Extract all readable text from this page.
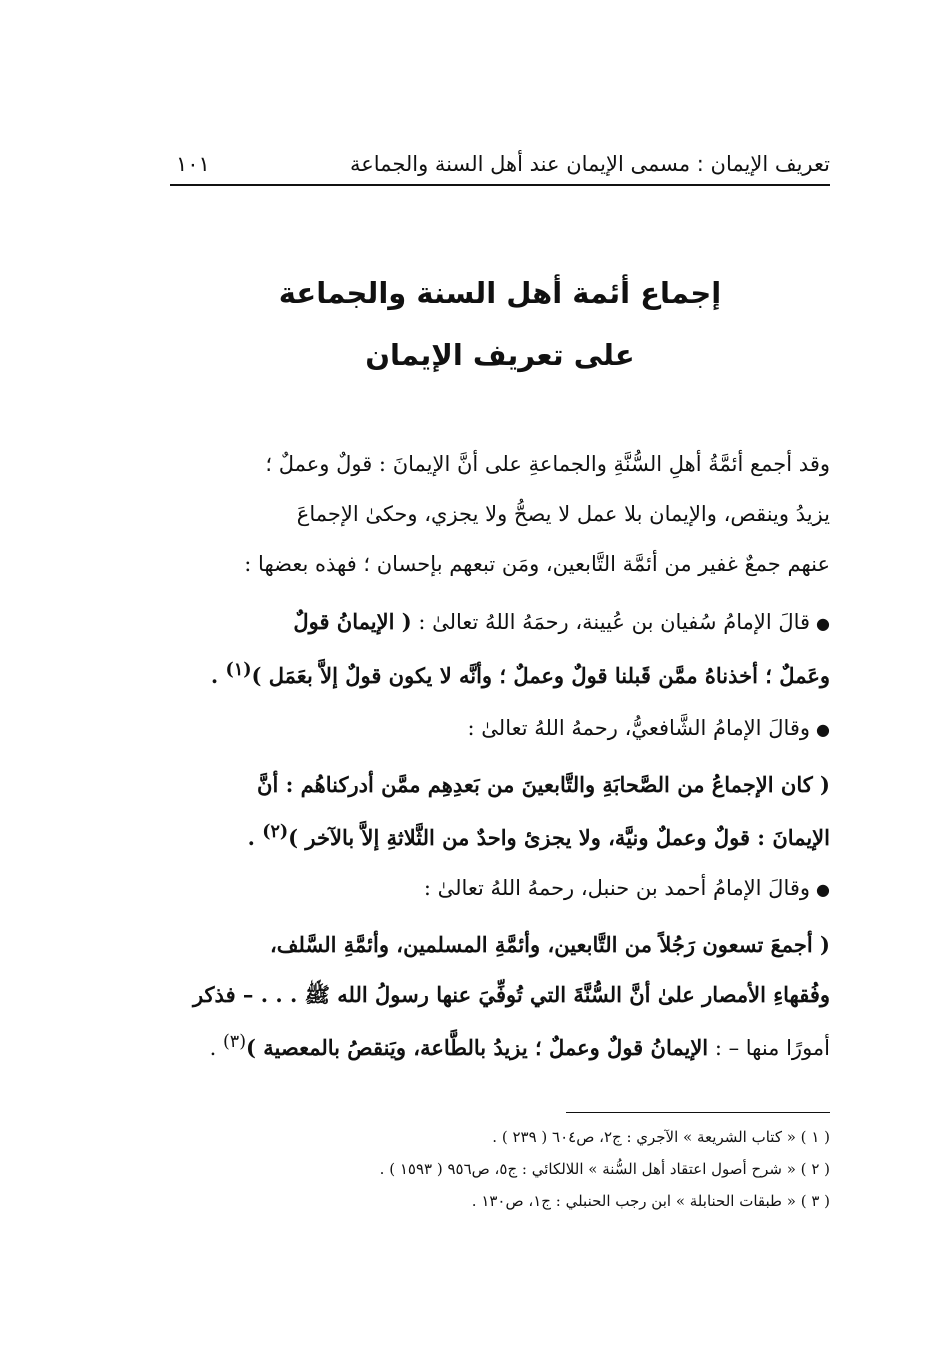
تعريف الإيمان : مسمى الإيمان عند أهل السنة والجماعة
١٠١
إجماع أئمة أهل السنة والجماعة
على تعريف الإيمان
وقد أجمع أئمَّةُ أهلِ السُّنَّةِ والجماعةِ على أنَّ الإيمانَ : قولٌ وعملٌ ؛
يزيدُ وينقص، والإيمان بلا عمل لا يصحُّ ولا يجزي، وحكىٰ الإجماعَ
عنهم جمعٌ غفير من أئمَّة التَّابعين، ومَن تبعهم بإحسان ؛ فهذه بعضها :
●قالَ الإمامُ سُفيان بن عُيينة، رحمَهُ اللهُ تعالىٰ : ( الإيمانُ قولٌ
وعَملٌ ؛ أخذناهُ ممَّن قَبلنا قولٌ وعملٌ ؛ وأنَّه لا يكون قولٌ إلاَّ بعَمَل )$^{(١)}$ .
●وقالَ الإمامُ الشَّافعيُّ، رحمهُ اللهُ تعالىٰ :
( كان الإجماعُ من الصَّحابَةِ والتَّابعينَ من بَعدِهِم ممَّن أدركناهُم : أنَّ
الإيمانَ : قولٌ وعملٌ ونيَّة، ولا يجزئ واحدٌ من الثَّلاثةِ إلاَّ بالآخر )$^{(٢)}$ .
●وقالَ الإمامُ أحمد بن حنبل، رحمهُ اللهُ تعالىٰ :
( أجمعَ تسعون رَجُلاً من التَّابعين، وأئمَّةِ المسلمين، وأئمَّةِ السَّلف،
وفُقهاءِ الأمصار علىٰ أنَّ السُّنَّةَ التي تُوفِّيَ عنها رسولُ الله ﷺ . . . – فذكر
أمورًا منها – : الإيمانُ قولٌ وعملٌ ؛ يزيدُ بالطَّاعة، ويَنقصُ بالمعصية )$^{(٣)}$ .
( ١ ) « كتاب الشريعة » الآجري : ج٢، ص٦٠٤ ( ٢٣٩ ) .
( ٢ ) « شرح أصول اعتقاد أهل السُّنة » اللالكائي : ج٥، ص٩٥٦ ( ١٥٩٣ ) .
( ٣ ) « طبقات الحنابلة » ابن رجب الحنبلي : ج١، ص١٣٠ .
